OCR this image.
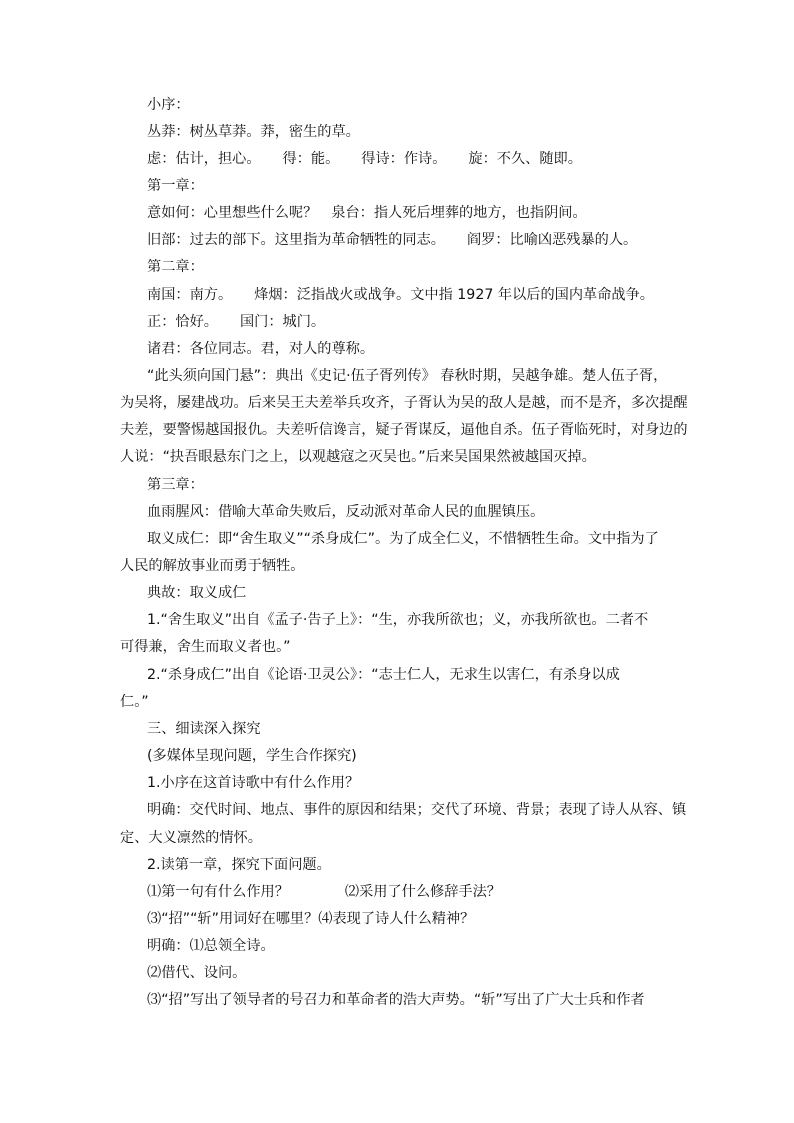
小序：
丛莽：树丛草莽。莽，密生的草。
虑：估计，担心。 得：能。 得诗：作诗。 旋：不久、随即。
第一章：
意如何：心里想些什么呢？ 泉台：指人死后埋葬的地方，也指阴间。
旧部：过去的部下。这里指为革命牺牲的同志。 阎罗：比喻凶恶残暴的人。
第二章：
南国：南方。 烽烟：泛指战火或战争。文中指 1927 年以后的国内革命战争。
正：恰好。 国门：城门。
诸君：各位同志。君，对人的尊称。
“此头须向国门悬”：典出《史记·伍子胥列传》 春秋时期，吴越争雄。楚人伍子胥，
为吴将，屡建战功。后来吴王夫差举兵攻齐，子胥认为吴的敌人是越，而不是齐，多次提醒
夫差，要警惕越国报仇。夫差听信谗言，疑子胥谋反，逼他自杀。伍子胥临死时，对身边的
人说：“抉吾眼悬东门之上，以观越寇之灭吴也。”后来吴国果然被越国灭掉。
第三章：
血雨腥风：借喻大革命失败后，反动派对革命人民的血腥镇压。
取义成仁：即“舍生取义”“杀身成仁”。为了成全仁义，不惜牺牲生命。文中指为了
人民的解放事业而勇于牺牲。
典故：取义成仁
1.“舍生取义”出自《孟子·告子上》：“生，亦我所欲也；义，亦我所欲也。二者不
可得兼，舍生而取义者也。”
2.“杀身成仁”出自《论语·卫灵公》：“志士仁人，无求生以害仁，有杀身以成
仁。”
三、细读深入探究
(多媒体呈现问题，学生合作探究)
1.小序在这首诗歌中有什么作用？
明确：交代时间、地点、事件的原因和结果；交代了环境、背景；表现了诗人从容、镇
定、大义凛然的情怀。
2.读第一章，探究下面问题。
⑴第一句有什么作用？	⑵采用了什么修辞手法？
⑶“招”“斩”用词好在哪里？⑷表现了诗人什么精神？
明确：⑴总领全诗。
⑵借代、设问。
⑶“招”写出了领导者的号召力和革命者的浩大声势。“斩”写出了广大士兵和作者
